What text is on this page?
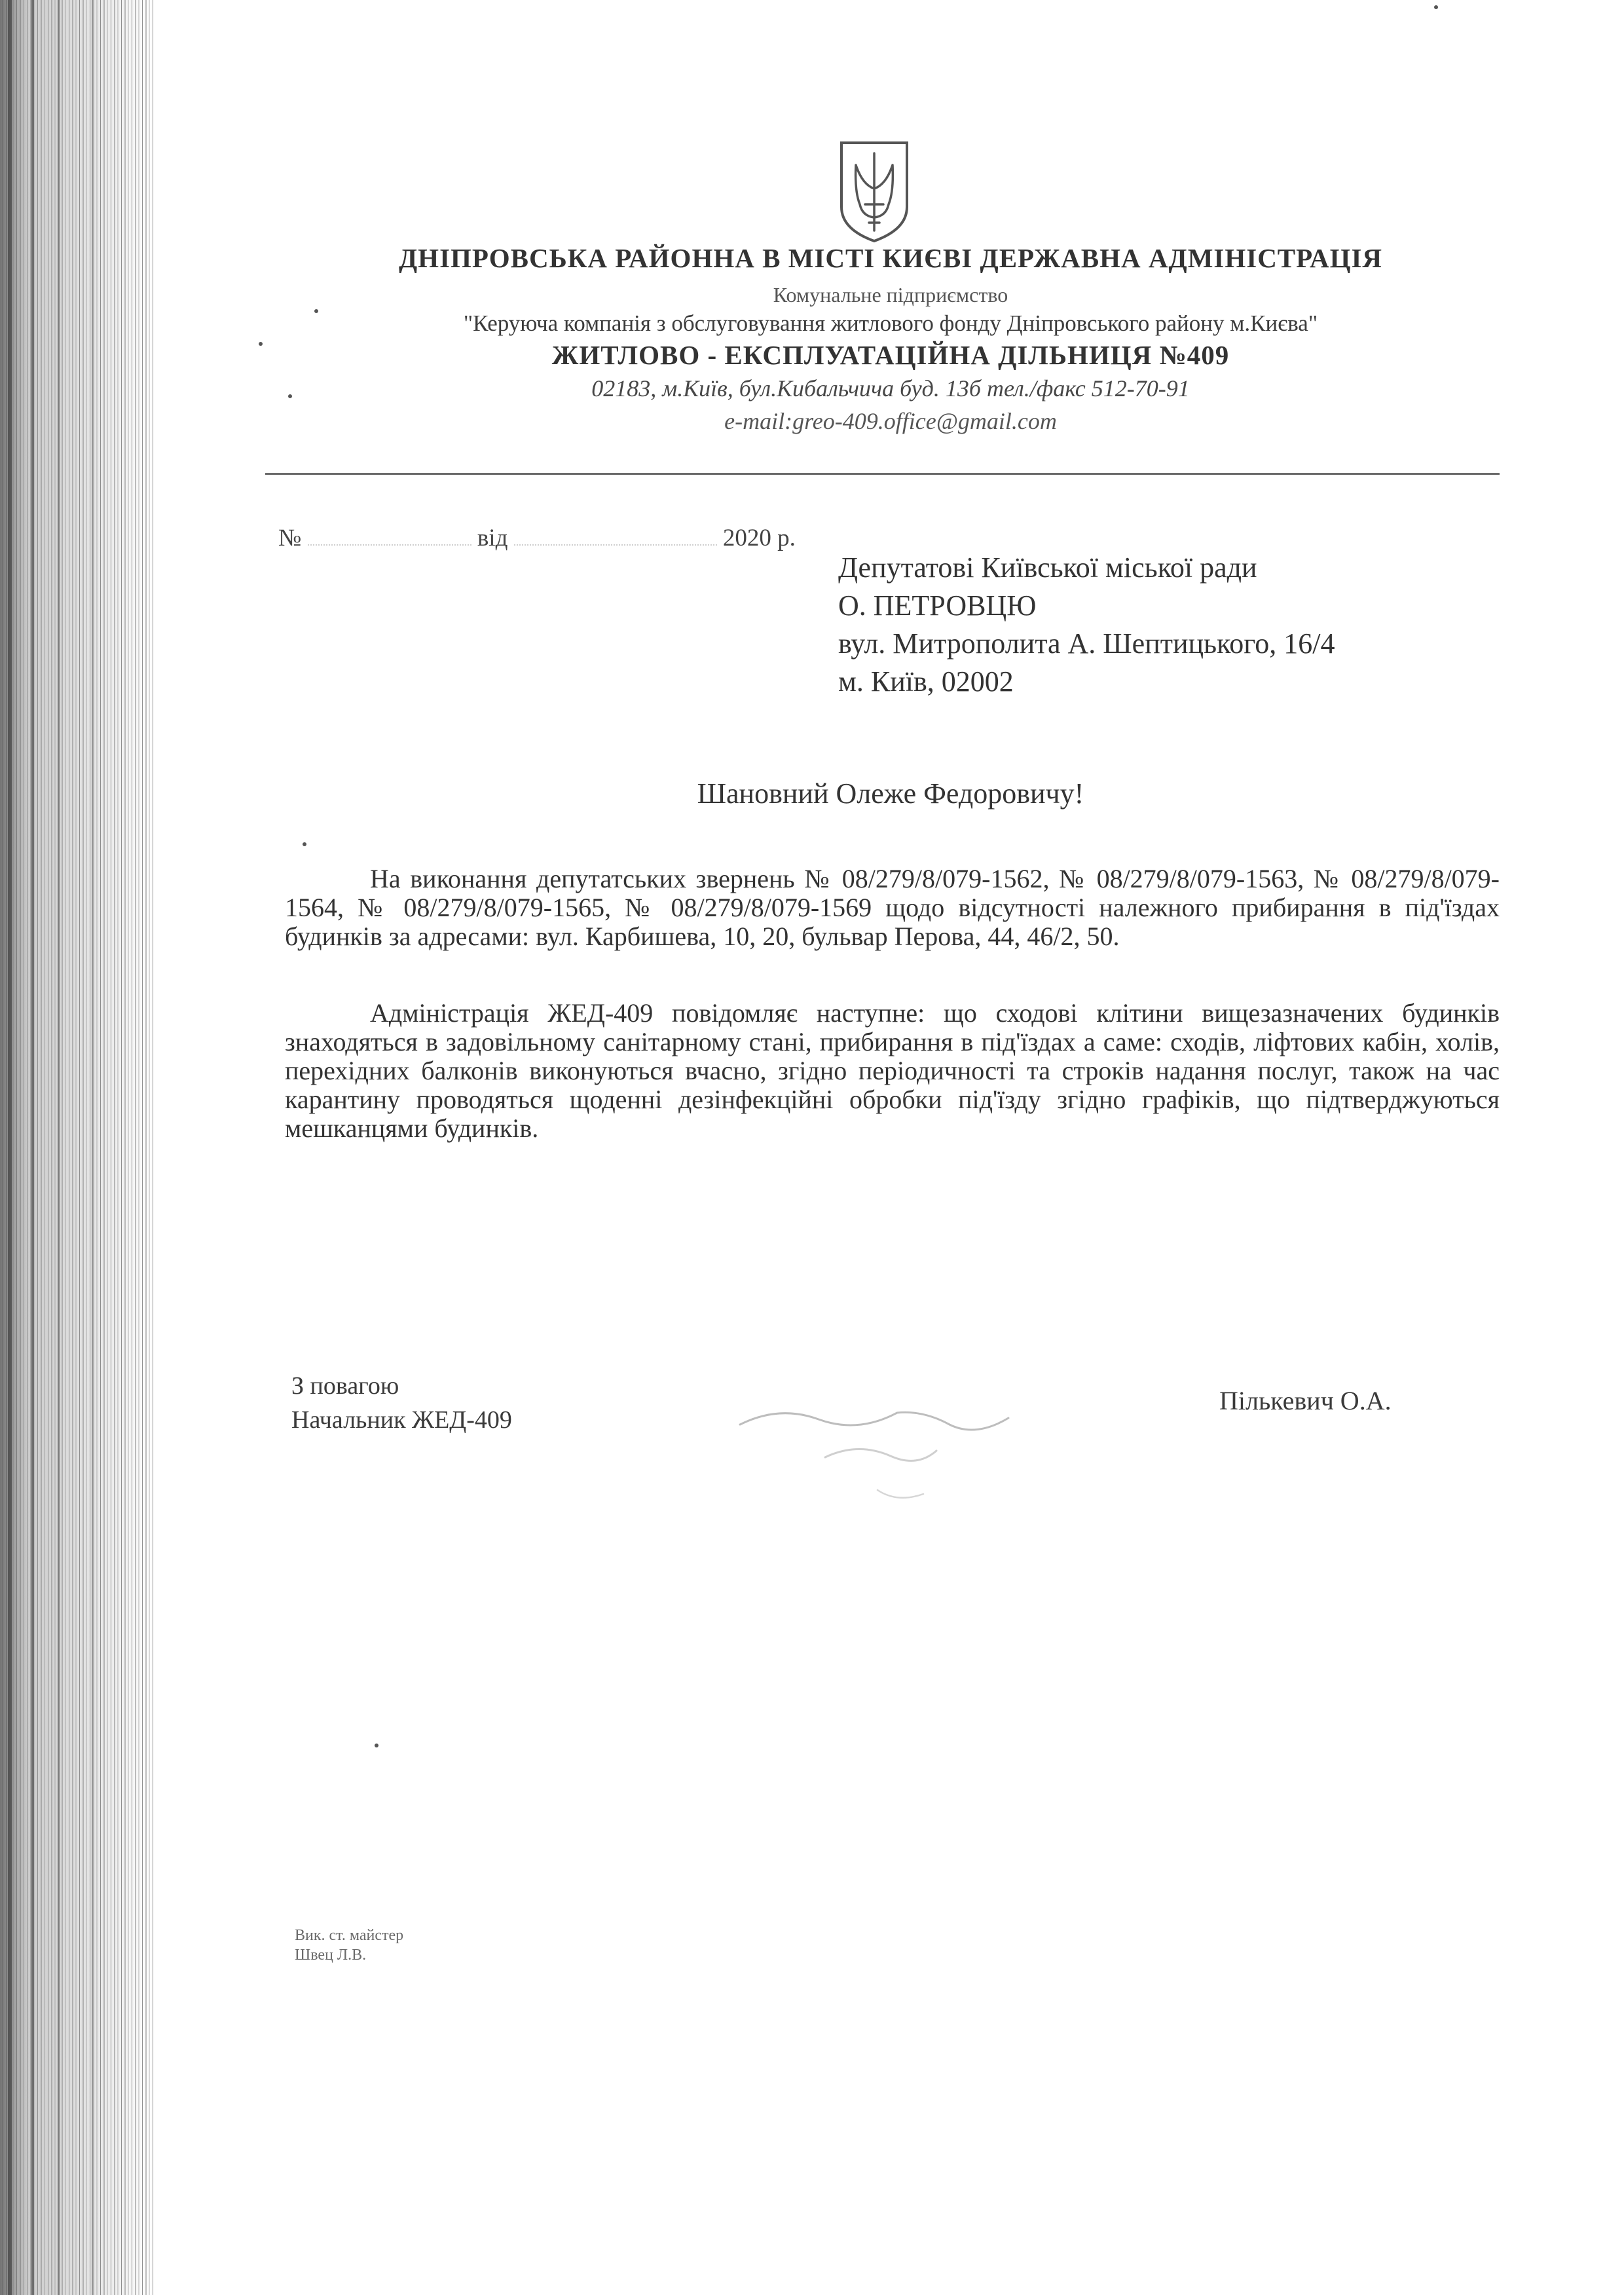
ДНІПРОВСЬКА РАЙОННА В МІСТІ КИЄВІ ДЕРЖАВНА АДМІНІСТРАЦІЯ
Комунальне підприємство
"Керуюча компанія з обслуговування житлового фонду Дніпровського району м.Києва"
ЖИТЛОВО - ЕКСПЛУАТАЦІЙНА ДІЛЬНИЦЯ №409
02183, м.Київ, бул.Кибальчича буд. 13б тел./факс 512-70-91
e-mail:greo-409.office@gmail.com
№	від	2020 р.
Депутатові Київської міської ради
О. ПЕТРОВЦЮ
вул. Митрополита А. Шептицького, 16/4
м. Київ, 02002
Шановний Олеже Федоровичу!

На виконання депутатських звернень № 08/279/8/079-1562, № 08/279/8/079-1563, № 08/279/8/079-1564, № 08/279/8/079-1565, № 08/279/8/079-1569 щодо відсутності належного прибирання в під'їздах будинків за адресами: вул. Карбишева, 10, 20, бульвар Перова, 44, 46/2, 50.

Адміністрація ЖЕД-409 повідомляє наступне: що сходові клітини вищезазначених будинків знаходяться в задовільному санітарному стані, прибирання в під'їздах а саме: сходів, ліфтових кабін, холів, перехідних балконів виконуються вчасно, згідно періодичності та строків надання послуг, також на час карантину проводяться щоденні дезінфекційні обробки під'їзду згідно графіків, що підтверджуються мешканцями будинків.

З повагою
Начальник ЖЕД-409
Пількевич О.А.
Вик. ст. майстер
Швец Л.В.
